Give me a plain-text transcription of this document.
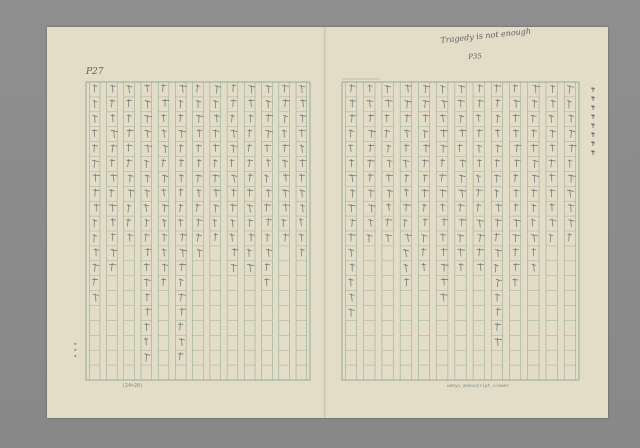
P27
Tragedy is not enough
P35
(24×20)	wenyi_manuscript_viewer
▪
▪
▪
